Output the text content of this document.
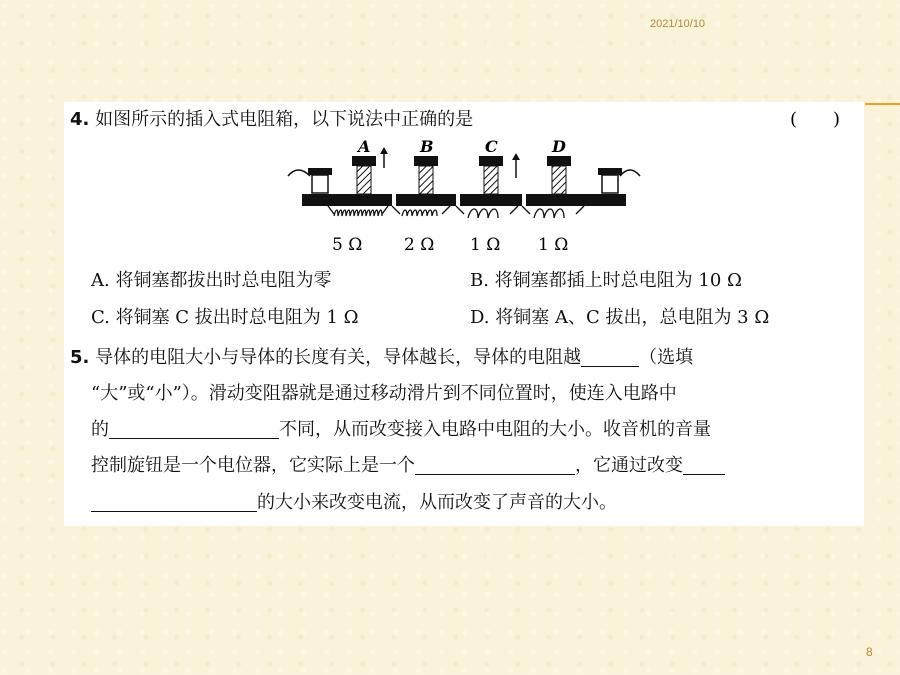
2021/10/10
4. 如图所示的插入式电阻箱，以下说法中正确的是	(　　)
A	B	C	D
5 Ω 2 Ω 1 Ω 1 Ω
A. 将铜塞都拔出时总电阻为零	B. 将铜塞都插上时总电阻为 10 Ω
C. 将铜塞 C 拔出时总电阻为 1 Ω	D. 将铜塞 A、C 拔出，总电阻为 3 Ω
5. 导体的电阻大小与导体的长度有关，导体越长，导体的电阻越	（选填
“大”或“小”）。滑动变阻器就是通过移动滑片到不同位置时，使连入电路中
的	不同，从而改变接入电路中电阻的大小。收音机的音量
控制旋钮是一个电位器，它实际上是一个	，它通过改变
的大小来改变电流，从而改变了声音的大小。
8
